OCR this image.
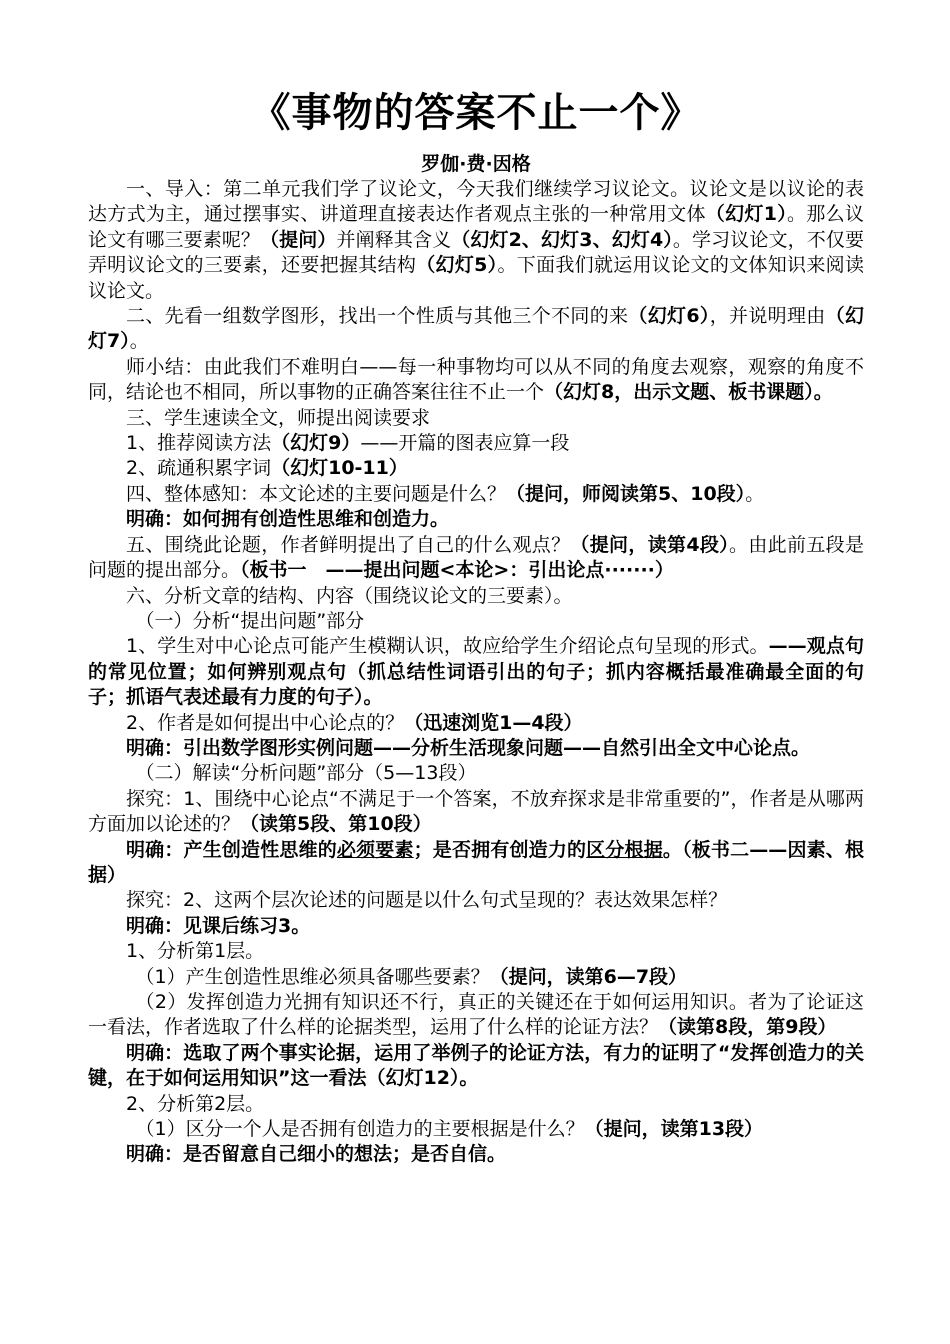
《事物的答案不止一个》
罗伽·费·因格

一、导入：第二单元我们学了议论文，今天我们继续学习议论文。议论文是以议论的表达方式为主，通过摆事实、讲道理直接表达作者观点主张的一种常用文体（幻灯1）。那么议论文有哪三要素呢？（提问）并阐释其含义（幻灯2、幻灯3、幻灯4）。学习议论文，不仅要弄明议论文的三要素，还要把握其结构（幻灯5）。下面我们就运用议论文的文体知识来阅读议论文。

二、先看一组数学图形，找出一个性质与其他三个不同的来（幻灯6），并说明理由（幻灯7）。

师小结：由此我们不难明白——每一种事物均可以从不同的角度去观察，观察的角度不同，结论也不相同，所以事物的正确答案往往不止一个（幻灯8，出示文题、板书课题）。

三、学生速读全文，师提出阅读要求

1、推荐阅读方法（幻灯9）——开篇的图表应算一段

2、疏通积累字词（幻灯10-11）

四、整体感知：本文论述的主要问题是什么？（提问，师阅读第5、10段）。

明确：如何拥有创造性思维和创造力。

五、围绕此论题，作者鲜明提出了自己的什么观点？（提问，读第4段）。由此前五段是问题的提出部分。（板书一　——提出问题<本论>：引出论点·······）

六、分析文章的结构、内容（围绕议论文的三要素）。

（一）分析“提出问题”部分

1、学生对中心论点可能产生模糊认识，故应给学生介绍论点句呈现的形式。——观点句的常见位置；如何辨别观点句（抓总结性词语引出的句子；抓内容概括最准确最全面的句子；抓语气表述最有力度的句子）。

2、作者是如何提出中心论点的？（迅速浏览1—4段）

明确：引出数学图形实例问题——分析生活现象问题——自然引出全文中心论点。

（二）解读“分析问题”部分（5—13段）

探究：1、围绕中心论点“不满足于一个答案，不放弃探求是非常重要的”，作者是从哪两方面加以论述的？（读第5段、第10段）

明确：产生创造性思维的必须要素；是否拥有创造力的区分根据。（板书二——因素、根据）

探究：2、这两个层次论述的问题是以什么句式呈现的？表达效果怎样？

明确：见课后练习3。

1、分析第1层。

（1）产生创造性思维必须具备哪些要素？（提问，读第6—7段）

（2）发挥创造力光拥有知识还不行，真正的关键还在于如何运用知识。者为了论证这一看法，作者选取了什么样的论据类型，运用了什么样的论证方法？（读第8段，第9段）

明确：选取了两个事实论据，运用了举例子的论证方法，有力的证明了“发挥创造力的关键，在于如何运用知识”这一看法（幻灯12）。

2、分析第2层。

（1）区分一个人是否拥有创造力的主要根据是什么？（提问，读第13段）

明确：是否留意自己细小的想法；是否自信。
